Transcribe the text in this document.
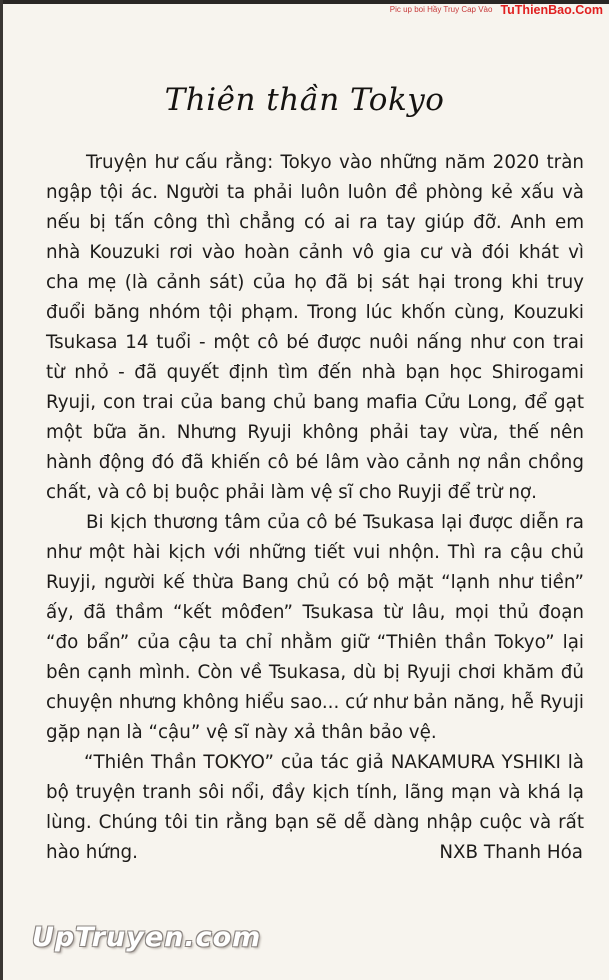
Pic up boi Hầy Truy Cap Vào TuThienBao.Com
Thiên thần Tokyo

Truyện hư cấu rằng: Tokyo vào những năm 2020 tràn ngập tội ác. Người ta phải luôn luôn đề phòng kẻ xấu và nếu bị tấn công thì chẳng có ai ra tay giúp đỡ. Anh em nhà Kouzuki rơi vào hoàn cảnh vô gia cư và đói khát vì cha mẹ (là cảnh sát) của họ đã bị sát hại trong khi truy đuổi băng nhóm tội phạm. Trong lúc khốn cùng, Kouzuki Tsukasa 14 tuổi - một cô bé được nuôi nấng như con trai từ nhỏ - đã quyết định tìm đến nhà bạn học Shirogami Ryuji, con trai của bang chủ bang mafia Cửu Long, để gạt một bữa ăn. Nhưng Ryuji không phải tay vừa, thế nên hành động đó đã khiến cô bé lâm vào cảnh nợ nần chồng chất, và cô bị buộc phải làm vệ sĩ cho Ruyji để trừ nợ.

Bi kịch thương tâm của cô bé Tsukasa lại được diễn ra như một hài kịch với những tiết vui nhộn. Thì ra cậu chủ Ruyji, người kế thừa Bang chủ có bộ mặt “lạnh như tiền” ấy, đã thầm “kết môđen” Tsukasa từ lâu, mọi thủ đoạn “đo bẩn” của cậu ta chỉ nhằm giữ “Thiên thần Tokyo” lại bên cạnh mình. Còn về Tsukasa, dù bị Ryuji chơi khăm đủ chuyện nhưng không hiểu sao... cứ như bản năng, hễ Ryuji gặp nạn là “cậu” vệ sĩ này xả thân bảo vệ.

“Thiên Thần TOKYO” của tác giả NAKAMURA YSHIKI là bộ truyện tranh sôi nổi, đầy kịch tính, lãng mạn và khá lạ lùng. Chúng tôi tin rằng bạn sẽ dễ dàng nhập cuộc và rất hào hứng.	NXB Thanh Hóa
UpTruyen.com
